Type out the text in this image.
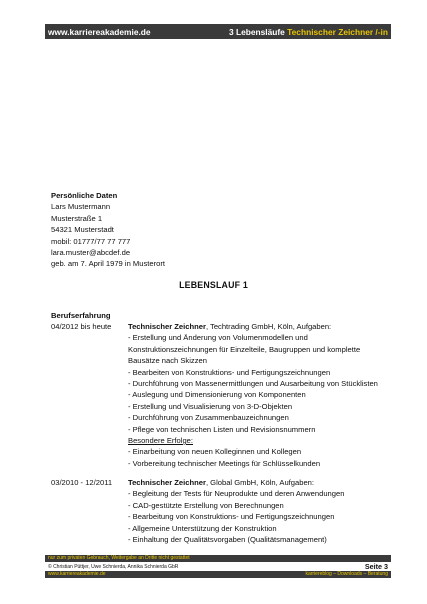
www.karriereakademie.de	3 Lebensläufe Technischer Zeichner /-in
Persönliche Daten
Lars Mustermann
Musterstraße 1
54321 Musterstadt
mobil: 01777/77 77 777
lara.muster@abcdef.de
geb. am 7. April 1979 in Musterort
LEBENSLAUF 1
Berufserfahrung
04/2012 bis heute Technischer Zeichner, Techtrading GmbH, Köln, Aufgaben:
- Erstellung und Änderung von Volumenmodellen und
Konstruktionszeichnungen für Einzelteile, Baugruppen und komplette
Bausätze nach Skizzen
- Bearbeiten von Konstruktions- und Fertigungszeichnungen
- Durchführung von Massenermittlungen und Ausarbeitung von Stücklisten
- Auslegung und Dimensionierung von Komponenten
- Erstellung und Visualisierung von 3-D-Objekten
- Durchführung von Zusammenbauzeichnungen
- Pflege von technischen Listen und Revisionsnummern
Besondere Erfolge:
- Einarbeitung von neuen Kolleginnen und Kollegen
- Vorbereitung technischer Meetings für Schlüsselkunden
03/2010 - 12/2011 Technischer Zeichner, Global GmbH, Köln, Aufgaben:
- Begleitung der Tests für Neuprodukte und deren Anwendungen
- CAD-gestützte Erstellung von Berechnungen
- Bearbeitung von Konstruktions- und Fertigungszeichnungen
- Allgemeine Unterstützung der Konstruktion
- Einhaltung der Qualitätsvorgaben (Qualitätsmanagement)
nur zum privaten Gebrauch, Weitergabe an Dritte nicht gestattet
© Christian Püttjer, Uwe Schnierda, Annika Schnierda GbR	Seite 3
www.karriereakademie.de	karriereblog – Downloads – Beratung
